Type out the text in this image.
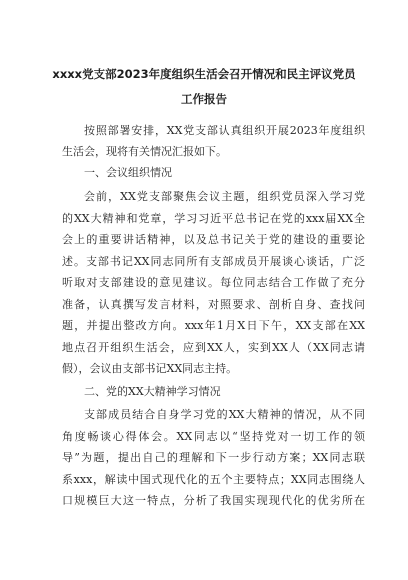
xxxx党支部2023年度组织生活会召开情况和民主评议党员
工作报告
按照部署安排，XX党支部认真组织开展2023年度组织
生活会，现将有关情况汇报如下。
一、会议组织情况
会前，XX党支部聚焦会议主题，组织党员深入学习党
的XX大精神和党章，学习习近平总书记在党的xxx届XX全
会上的重要讲话精神，以及总书记关于党的建设的重要论
述。支部书记XX同志同所有支部成员开展谈心谈话，广泛
听取对支部建设的意见建议。每位同志结合工作做了充分
准备，认真撰写发言材料，对照要求、剖析自身、查找问
题，并提出整改方向。xxx年1月X日下午，XX支部在XX
地点召开组织生活会，应到XX人，实到XX人（XX同志请
假），会议由支部书记XX同志主持。
二、党的XX大精神学习情况
支部成员结合自身学习党的XX大精神的情况，从不同
角度畅谈心得体会。XX同志以“坚持党对一切工作的领
导”为题，提出自己的理解和下一步行动方案；XX同志联
系xxx，解读中国式现代化的五个主要特点；XX同志围绕人
口规模巨大这一特点，分析了我国实现现代化的优劣所在
